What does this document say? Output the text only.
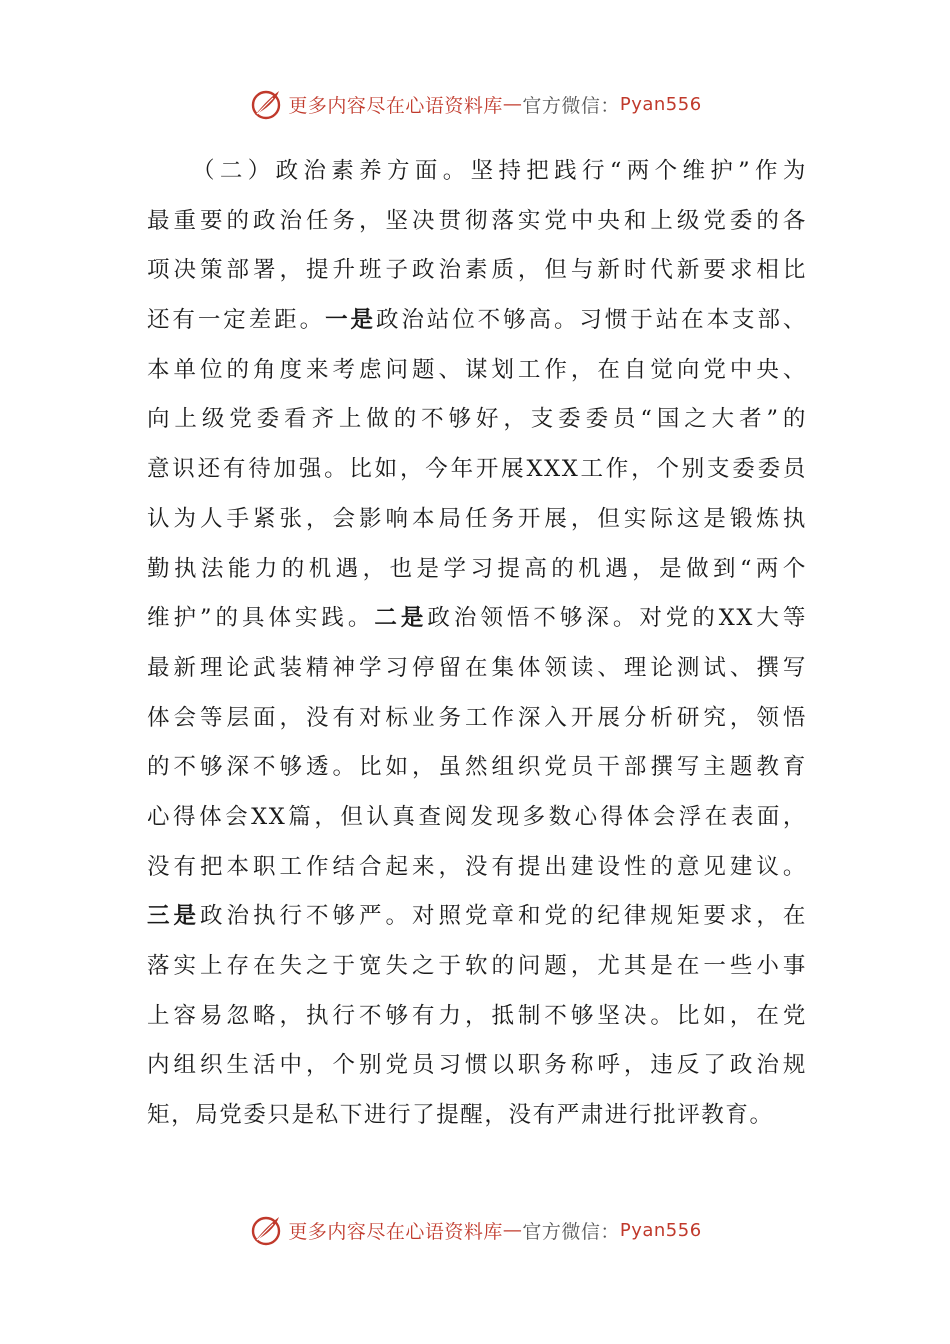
更多内容尽在心语资料库 — 官方微信： Pyan556
（二）政治素养方面。坚持把践行“两个维护”作为
最重要的政治任务，坚决贯彻落实党中央和上级党委的各
项决策部署，提升班子政治素质，但与新时代新要求相比
还有一定差距。一是政治站位不够高。习惯于站在本支部、
本单位的角度来考虑问题、谋划工作，在自觉向党中央、
向上级党委看齐上做的不够好，支委委员“国之大者”的
意识还有待加强。比如，今年开展XXX工作，个别支委委员
认为人手紧张，会影响本局任务开展，但实际这是锻炼执
勤执法能力的机遇，也是学习提高的机遇，是做到“两个
维护”的具体实践。二是政治领悟不够深。对党的XX大等
最新理论武装精神学习停留在集体领读、理论测试、撰写
体会等层面，没有对标业务工作深入开展分析研究，领悟
的不够深不够透。比如，虽然组织党员干部撰写主题教育
心得体会XX篇，但认真查阅发现多数心得体会浮在表面，
没有把本职工作结合起来，没有提出建设性的意见建议。
三是政治执行不够严。对照党章和党的纪律规矩要求，在
落实上存在失之于宽失之于软的问题，尤其是在一些小事
上容易忽略，执行不够有力，抵制不够坚决。比如，在党
内组织生活中，个别党员习惯以职务称呼，违反了政治规
矩，局党委只是私下进行了提醒，没有严肃进行批评教育。
更多内容尽在心语资料库 — 官方微信： Pyan556
